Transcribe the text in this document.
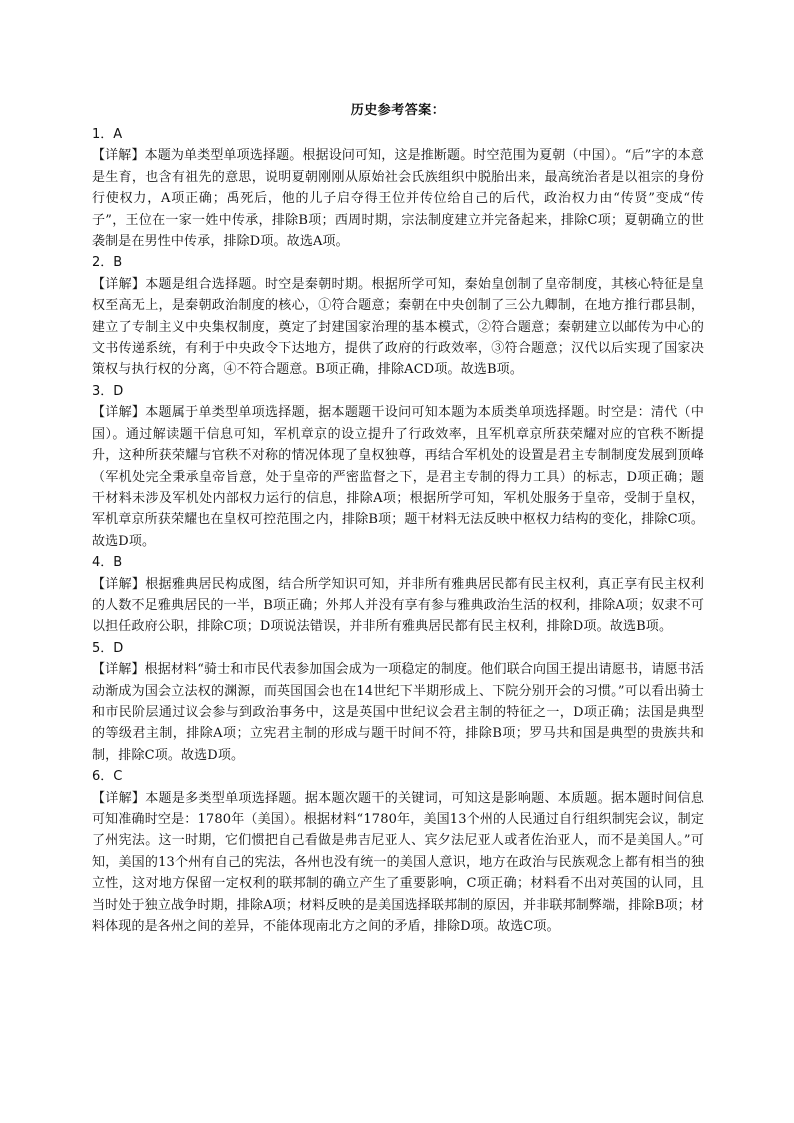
历史参考答案：

1．A

【详解】本题为单类型单项选择题。根据设问可知，这是推断题。时空范围为夏朝（中国）。“后”字的本意是生育，也含有祖先的意思，说明夏朝刚刚从原始社会氏族组织中脱胎出来，最高统治者是以祖宗的身份行使权力，A项正确；禹死后，他的儿子启夺得王位并传位给自己的后代，政治权力由“传贤”变成“传子”，王位在一家一姓中传承，排除B项；西周时期，宗法制度建立并完备起来，排除C项；夏朝确立的世袭制是在男性中传承，排除D项。故选A项。

2．B

【详解】本题是组合选择题。时空是秦朝时期。根据所学可知，秦始皇创制了皇帝制度，其核心特征是皇权至高无上，是秦朝政治制度的核心，①符合题意；秦朝在中央创制了三公九卿制，在地方推行郡县制，建立了专制主义中央集权制度，奠定了封建国家治理的基本模式，②符合题意；秦朝建立以邮传为中心的文书传递系统，有利于中央政令下达地方，提供了政府的行政效率，③符合题意；汉代以后实现了国家决策权与执行权的分离，④不符合题意。B项正确，排除ACD项。故选B项。

3．D

【详解】本题属于单类型单项选择题，据本题题干设问可知本题为本质类单项选择题。时空是：清代（中国）。通过解读题干信息可知，军机章京的设立提升了行政效率，且军机章京所获荣耀对应的官秩不断提升，这种所获荣耀与官秩不对称的情况体现了皇权独尊，再结合军机处的设置是君主专制制度发展到顶峰（军机处完全秉承皇帝旨意，处于皇帝的严密监督之下，是君主专制的得力工具）的标志，D项正确；题干材料未涉及军机处内部权力运行的信息，排除A项；根据所学可知，军机处服务于皇帝，受制于皇权，军机章京所获荣耀也在皇权可控范围之内，排除B项；题干材料无法反映中枢权力结构的变化，排除C项。故选D项。

4．B

【详解】根据雅典居民构成图，结合所学知识可知，并非所有雅典居民都有民主权利，真正享有民主权利的人数不足雅典居民的一半，B项正确；外邦人并没有享有参与雅典政治生活的权利，排除A项；奴隶不可以担任政府公职，排除C项；D项说法错误，并非所有雅典居民都有民主权利，排除D项。故选B项。

5．D

【详解】根据材料“骑士和市民代表参加国会成为一项稳定的制度。他们联合向国王提出请愿书，请愿书活动渐成为国会立法权的渊源，而英国国会也在14世纪下半期形成上、下院分别开会的习惯。”可以看出骑士和市民阶层通过议会参与到政治事务中，这是英国中世纪议会君主制的特征之一，D项正确；法国是典型的等级君主制，排除A项；立宪君主制的形成与题干时间不符，排除B项；罗马共和国是典型的贵族共和制，排除C项。故选D项。

6．C

【详解】本题是多类型单项选择题。据本题次题干的关键词，可知这是影响题、本质题。据本题时间信息可知准确时空是：1780年（美国）。根据材料“1780年，美国13个州的人民通过自行组织制宪会议，制定了州宪法。这一时期，它们惯把自己看做是弗吉尼亚人、宾夕法尼亚人或者佐治亚人，而不是美国人。”可知，美国的13个州有自己的宪法，各州也没有统一的美国人意识，地方在政治与民族观念上都有相当的独立性，这对地方保留一定权利的联邦制的确立产生了重要影响，C项正确；材料看不出对英国的认同，且当时处于独立战争时期，排除A项；材料反映的是美国选择联邦制的原因，并非联邦制弊端，排除B项；材料体现的是各州之间的差异，不能体现南北方之间的矛盾，排除D项。故选C项。
